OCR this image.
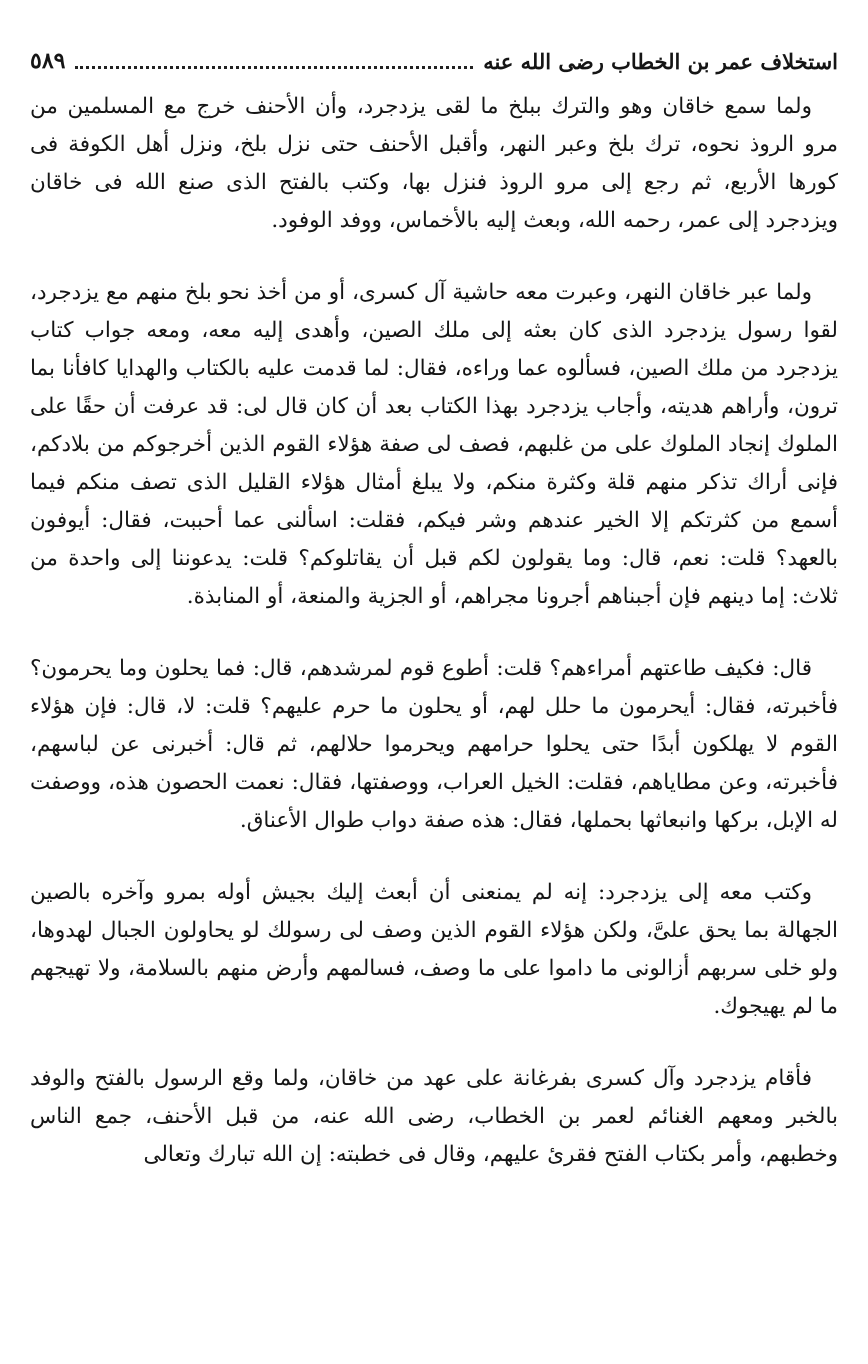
استخلاف عمر بن الخطاب رضى الله عنه
٥٨٩

ولما سمع خاقان وهو والترك ببلخ ما لقى يزدجرد، وأن الأحنف خرج مع المسلمين من مرو الروذ نحوه، ترك بلخ وعبر النهر، وأقبل الأحنف حتى نزل بلخ، ونزل أهل الكوفة فى كورها الأربع، ثم رجع إلى مرو الروذ فنزل بها، وكتب بالفتح الذى صنع الله فى خاقان ويزدجرد إلى عمر، رحمه الله، وبعث إليه بالأخماس، ووفد الوفود.

ولما عبر خاقان النهر، وعبرت معه حاشية آل كسرى، أو من أخذ نحو بلخ منهم مع يزدجرد، لقوا رسول يزدجرد الذى كان بعثه إلى ملك الصين، وأهدى إليه معه، ومعه جواب كتاب يزدجرد من ملك الصين، فسألوه عما وراءه، فقال: لما قدمت عليه بالكتاب والهدايا كافأنا بما ترون، وأراهم هديته، وأجاب يزدجرد بهذا الكتاب بعد أن كان قال لى: قد عرفت أن حقًا على الملوك إنجاد الملوك على من غلبهم، فصف لى صفة هؤلاء القوم الذين أخرجوكم من بلادكم، فإنى أراك تذكر منهم قلة وكثرة منكم، ولا يبلغ أمثال هؤلاء القليل الذى تصف منكم فيما أسمع من كثرتكم إلا الخير عندهم وشر فيكم، فقلت: اسألنى عما أحببت، فقال: أيوفون بالعهد؟ قلت: نعم، قال: وما يقولون لكم قبل أن يقاتلوكم؟ قلت: يدعوننا إلى واحدة من ثلاث: إما دينهم فإن أجبناهم أجرونا مجراهم، أو الجزية والمنعة، أو المنابذة.

قال: فكيف طاعتهم أمراءهم؟ قلت: أطوع قوم لمرشدهم، قال: فما يحلون وما يحرمون؟ فأخبرته، فقال: أيحرمون ما حلل لهم، أو يحلون ما حرم عليهم؟ قلت: لا، قال: فإن هؤلاء القوم لا يهلكون أبدًا حتى يحلوا حرامهم ويحرموا حلالهم، ثم قال: أخبرنى عن لباسهم، فأخبرته، وعن مطاياهم، فقلت: الخيل العراب، ووصفتها، فقال: نعمت الحصون هذه، ووصفت له الإبل، بركها وانبعاثها بحملها، فقال: هذه صفة دواب طوال الأعناق.

وكتب معه إلى يزدجرد: إنه لم يمنعنى أن أبعث إليك بجيش أوله بمرو وآخره بالصين الجهالة بما يحق علىَّ، ولكن هؤلاء القوم الذين وصف لى رسولك لو يحاولون الجبال لهدوها، ولو خلى سربهم أزالونى ما داموا على ما وصف، فسالمهم وأرض منهم بالسلامة، ولا تهيجهم ما لم يهيجوك.

فأقام يزدجرد وآل كسرى بفرغانة على عهد من خاقان، ولما وقع الرسول بالفتح والوفد بالخبر ومعهم الغنائم لعمر بن الخطاب، رضى الله عنه، من قبل الأحنف، جمع الناس وخطبهم، وأمر بكتاب الفتح فقرئ عليهم، وقال فى خطبته: إن الله تبارك وتعالى
